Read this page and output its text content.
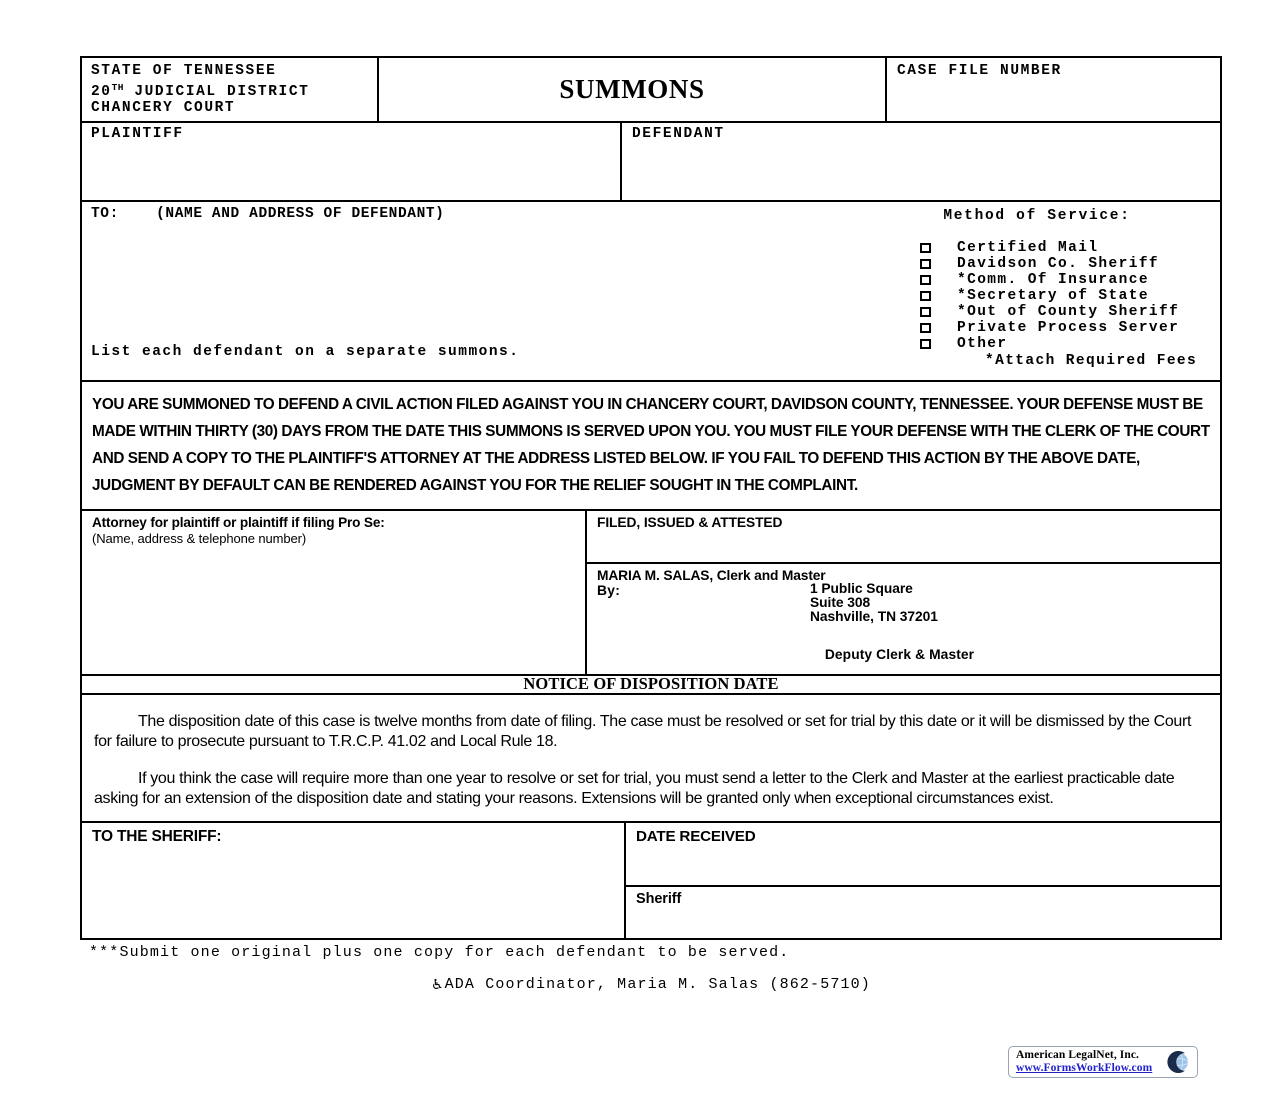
STATE OF TENNESSEE
20TH JUDICIAL DISTRICT
CHANCERY COURT
SUMMONS
CASE FILE NUMBER
PLAINTIFF	DEFENDANT
TO:	(NAME AND ADDRESS OF DEFENDANT)
List each defendant on a separate summons.
Method of Service:
Certified Mail
Davidson Co. Sheriff
*Comm. Of Insurance
*Secretary of State
*Out of County Sheriff
Private Process Server
Other
*Attach Required Fees
YOU ARE SUMMONED TO DEFEND A CIVIL ACTION FILED AGAINST YOU IN CHANCERY COURT, DAVIDSON COUNTY, TENNESSEE. YOUR DEFENSE MUST BE MADE WITHIN THIRTY (30) DAYS FROM THE DATE THIS SUMMONS IS SERVED UPON YOU. YOU MUST FILE YOUR DEFENSE WITH THE CLERK OF THE COURT AND SEND A COPY TO THE PLAINTIFF'S ATTORNEY AT THE ADDRESS LISTED BELOW. IF YOU FAIL TO DEFEND THIS ACTION BY THE ABOVE DATE, JUDGMENT BY DEFAULT CAN BE RENDERED AGAINST YOU FOR THE RELIEF SOUGHT IN THE COMPLAINT.
Attorney for plaintiff or plaintiff if filing Pro Se:
(Name, address & telephone number)
FILED, ISSUED & ATTESTED
MARIA M. SALAS, Clerk and Master
By:	1 Public Square
Suite 308
Nashville, TN 37201
Deputy Clerk & Master
NOTICE OF DISPOSITION DATE

The disposition date of this case is twelve months from date of filing. The case must be resolved or set for trial by this date or it will be dismissed by the Court for failure to prosecute pursuant to T.R.C.P. 41.02 and Local Rule 18.

If you think the case will require more than one year to resolve or set for trial, you must send a letter to the Clerk and Master at the earliest practicable date asking for an extension of the disposition date and stating your reasons. Extensions will be granted only when exceptional circumstances exist.

TO THE SHERIFF:	DATE RECEIVED
Sheriff
***Submit one original plus one copy for each defendant to be served.
♿ADA Coordinator, Maria M. Salas (862-5710)
American LegalNet, Inc.
www.FormsWorkFlow.com
